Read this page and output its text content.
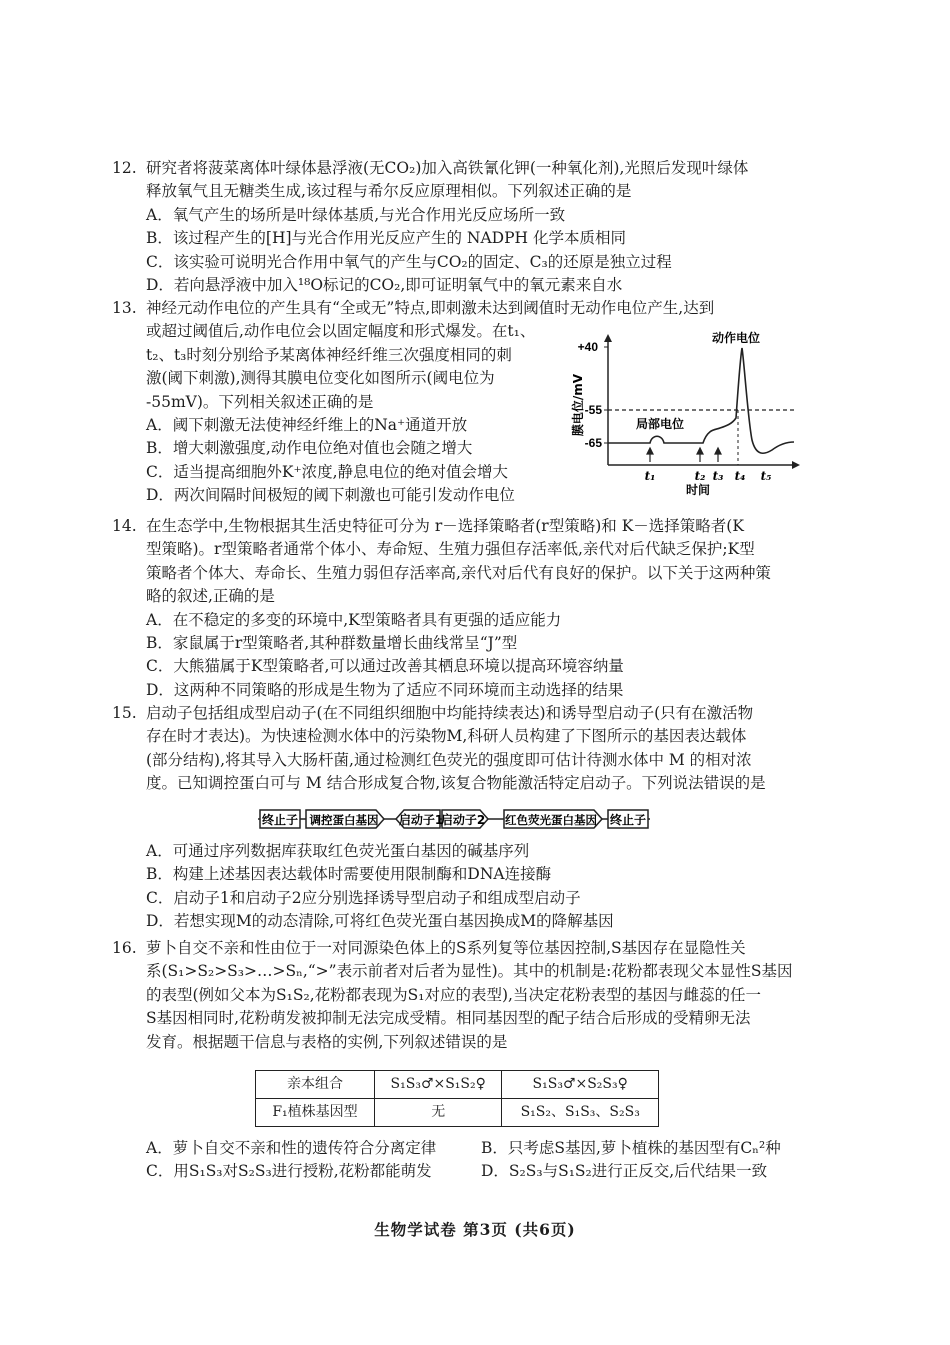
12. 研究者将菠菜离体叶绿体悬浮液(无CO₂)加入高铁氰化钾(一种氧化剂),光照后发现叶绿体
释放氧气且无糖类生成,该过程与希尔反应原理相似。下列叙述正确的是
A．氧气产生的场所是叶绿体基质,与光合作用光反应场所一致
B．该过程产生的[H]与光合作用光反应产生的 NADPH 化学本质相同
C．该实验可说明光合作用中氧气的产生与CO₂的固定、C₃的还原是独立过程
D．若向悬浮液中加入¹⁸O标记的CO₂,即可证明氧气中的氧元素来自水
13. 神经元动作电位的产生具有“全或无”特点,即刺激未达到阈值时无动作电位产生,达到
或超过阈值后,动作电位会以固定幅度和形式爆发。在t₁、
t₂、t₃时刻分别给予某离体神经纤维三次强度相同的刺
激(阈下刺激),测得其膜电位变化如图所示(阈电位为
-55mV)。下列相关叙述正确的是
A．阈下刺激无法使神经纤维上的Na⁺通道开放
B．增大刺激强度,动作电位绝对值也会随之增大
C．适当提高细胞外K⁺浓度,静息电位的绝对值会增大
D．两次间隔时间极短的阈下刺激也可能引发动作电位
+40
-55
-65
膜电位/mV
t₁	t₂ t₃ t₄ t₅
动作电位
局部电位
时间
14. 在生态学中,生物根据其生活史特征可分为 r－选择策略者(r型策略)和 K－选择策略者(K
型策略)。r型策略者通常个体小、寿命短、生殖力强但存活率低,亲代对后代缺乏保护;K型
策略者个体大、寿命长、生殖力弱但存活率高,亲代对后代有良好的保护。以下关于这两种策
略的叙述,正确的是
A．在不稳定的多变的环境中,K型策略者具有更强的适应能力
B．家鼠属于r型策略者,其种群数量增长曲线常呈“J”型
C．大熊猫属于K型策略者,可以通过改善其栖息环境以提高环境容纳量
D．这两种不同策略的形成是生物为了适应不同环境而主动选择的结果
15. 启动子包括组成型启动子(在不同组织细胞中均能持续表达)和诱导型启动子(只有在激活物
存在时才表达)。为快速检测水体中的污染物M,科研人员构建了下图所示的基因表达载体
(部分结构),将其导入大肠杆菌,通过检测红色荧光的强度即可估计待测水体中 M 的相对浓
度。已知调控蛋白可与 M 结合形成复合物,该复合物能激活特定启动子。下列说法错误的是
终止子 调控蛋白基因 启动子1
启动子2 红色荧光蛋白基因 终止子
A．可通过序列数据库获取红色荧光蛋白基因的碱基序列
B．构建上述基因表达载体时需要使用限制酶和DNA连接酶
C．启动子1和启动子2应分别选择诱导型启动子和组成型启动子
D．若想实现M的动态清除,可将红色荧光蛋白基因换成M的降解基因
16. 萝卜自交不亲和性由位于一对同源染色体上的S系列复等位基因控制,S基因存在显隐性关
系(S₁>S₂>S₃>…>Sₙ,“>”表示前者对后者为显性)。其中的机制是:花粉都表现父本显性S基因
的表型(例如父本为S₁S₂,花粉都表现为S₁对应的表型),当决定花粉表型的基因与雌蕊的任一
S基因相同时,花粉萌发被抑制无法完成受精。相同基因型的配子结合后形成的受精卵无法
发育。根据题干信息与表格的实例,下列叙述错误的是
亲本组合	S₁S₃♂×S₁S₂♀	S₁S₃♂×S₂S₃♀
F₁植株基因型	无	S₁S₂、S₁S₃、S₂S₃
A．萝卜自交不亲和性的遗传符合分离定律	B．只考虑S基因,萝卜植株的基因型有Cₙ²种
C．用S₁S₃对S₂S₃进行授粉,花粉都能萌发	D．S₂S₃与S₁S₂进行正反交,后代结果一致
生物学试卷 第3页 (共6页)
